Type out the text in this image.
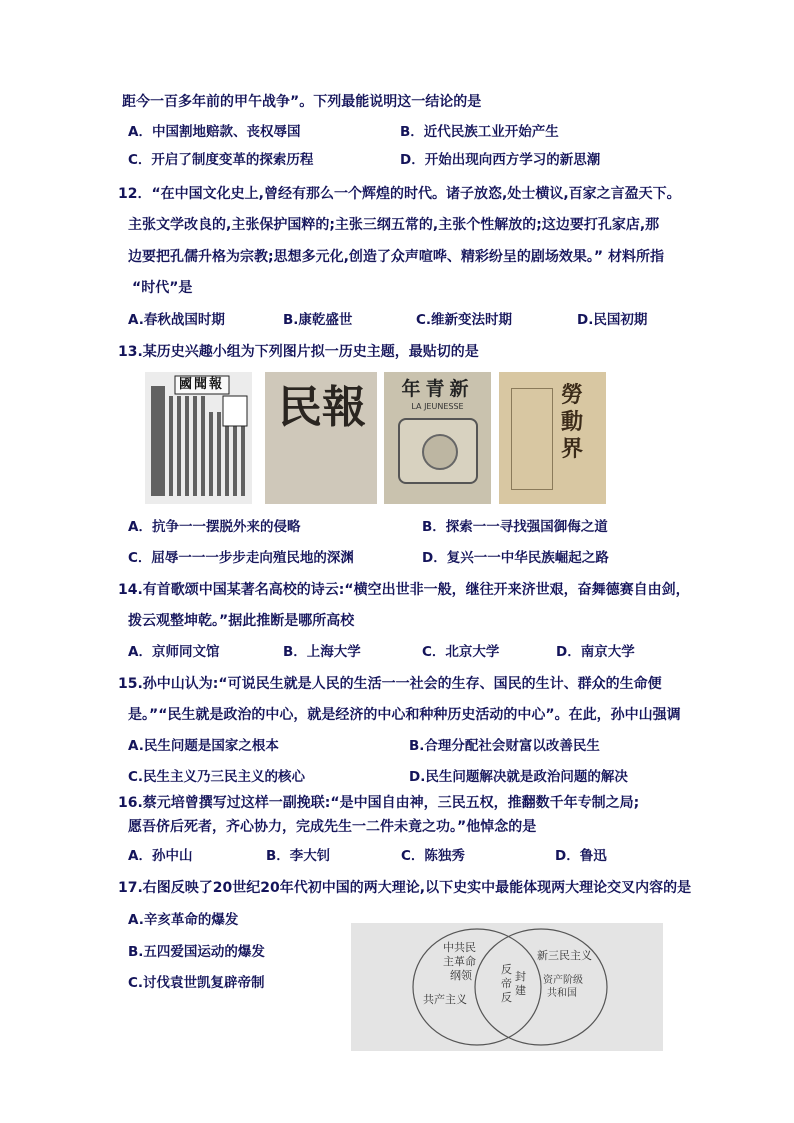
距今一百多年前的甲午战争”。下列最能说明这一结论的是
A．中国割地赔款、丧权辱国	B．近代民族工业开始产生
C．开启了制度变革的探索历程	D．开始出现向西方学习的新思潮
12．“在中国文化史上,曾经有那么一个辉煌的时代。诸子放恣,处士横议,百家之言盈天下。
主张文学改良的,主张保护国粹的;主张三纲五常的,主张个性解放的;这边要打孔家店,那
边要把孔儒升格为宗教;思想多元化,创造了众声喧哗、精彩纷呈的剧场效果。” 材料所指
“时代”是
A.春秋战国时期	B.康乾盛世	C.维新变法时期	D.民国初期
13.某历史兴趣小组为下列图片拟一历史主题，最贴切的是
國聞報 民報	新青年
LA JEUNESSE	勞動界
A．抗争一一摆脱外来的侵略	B．探索一一寻找强国御侮之道
C．屈辱一一一步步走向殖民地的深渊	D．复兴一一中华民族崛起之路
14.有首歌颂中国某著名高校的诗云:“横空出世非一般，继往开来济世艰，奋舞德赛自由剑，
拨云观整坤乾。”据此推断是哪所高校
A．京师同文馆	B．上海大学	C．北京大学	D．南京大学
15.孙中山认为:“可说民生就是人民的生活一一社会的生存、国民的生计、群众的生命便
是。”“民生就是政治的中心，就是经济的中心和种种历史活动的中心”。在此，孙中山强调
A.民生问题是国家之根本	B.合理分配社会财富以改善民生
C.民生主义乃三民主义的核心	D.民生问题解决就是政治问题的解决
16.蔡元培曾撰写过这样一副挽联:“是中国自由神，三民五权，推翻数千年专制之局;
愿吾侪后死者，齐心协力，完成先生一二件未竟之功。”他悼念的是
A．孙中山	B．李大钊	C．陈独秀	D．鲁迅
17.右图反映了20世纪20年代初中国的两大理论,以下史实中最能体现两大理论交叉内容的是
A.辛亥革命的爆发
B.五四爱国运动的爆发
C.讨伐袁世凯复辟帝制
中共民
主革命
纲领
共产主义
反
帝
反
封
建
新三民主义
资产阶级
共和国
